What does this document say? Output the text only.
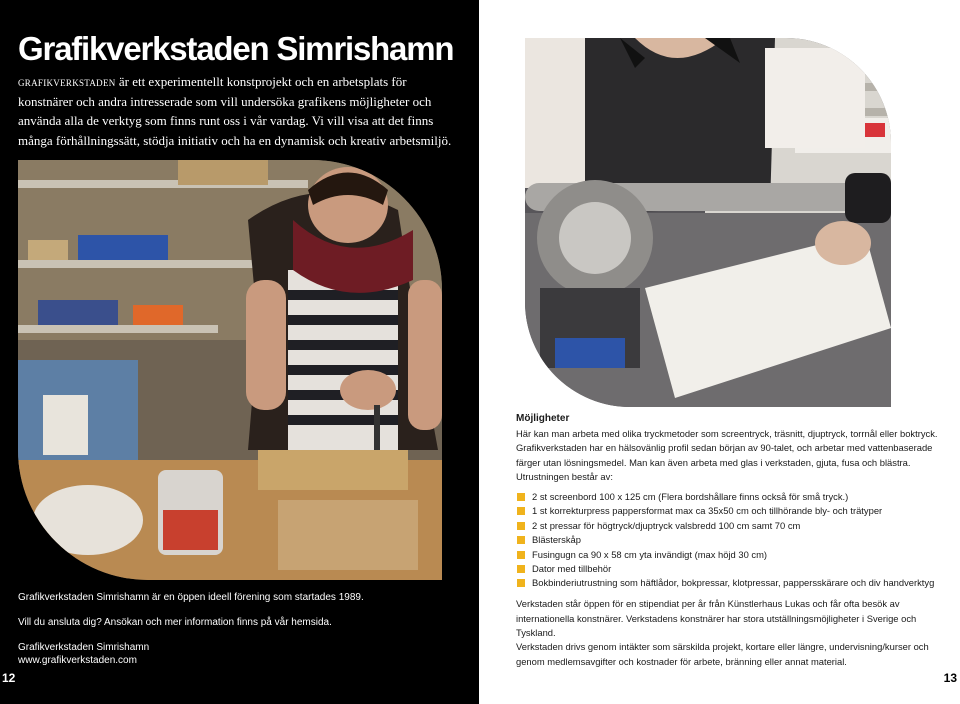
Grafikverkstaden Simrishamn

grafikverkstaden är ett experimentellt konstprojekt och en arbetsplats för konstnärer och andra intresserade som vill undersöka grafikens möjligheter och använda alla de verktyg som finns runt oss i vår vardag. Vi vill visa att det finns många förhållningssätt, stödja initiativ och ha en dynamisk och kreativ arbetsmiljö.

Grafikverkstaden Simrishamn är en öppen ideell förening som startades 1989.

Vill du ansluta dig? Ansökan och mer information finns på vår hemsida.

Grafikverkstaden Simrishamn

www.grafikverkstaden.com

12

Möjligheter

Här kan man arbeta med olika tryckmetoder som screentryck, träsnitt, djuptryck, torrnål eller boktryck.

Grafikverkstaden har en hälsovänlig profil sedan början av 90-talet, och arbetar med vattenbaserade färger utan lösningsmedel. Man kan även arbeta med glas i verkstaden, gjuta, fusa och blästra.

Utrustningen består av:

2 st screenbord 100 x 125 cm (Flera bordshållare finns också för små tryck.)
1 st korrekturpress pappersformat max ca 35x50 cm och tillhörande bly- och trätyper
2 st pressar för högtryck/djuptryck valsbredd 100 cm samt 70 cm
Blästerskåp
Fusingugn ca 90 x 58 cm yta invändigt (max höjd 30 cm)
Dator med tillbehör
Bokbinderiutrustning som häftlådor, bokpressar, klotpressar, pappersskärare och div handverktyg

Verkstaden står öppen för en stipendiat per år från Künstlerhaus Lukas och får ofta besök av internationella konstnärer. Verkstadens konstnärer har stora utställningsmöjligheter i Sverige och Tyskland.

Verkstaden drivs genom intäkter som särskilda projekt, kortare eller längre, undervisning/kurser och genom medlemsavgifter och kostnader för arbete, bränning eller annat material.

13
